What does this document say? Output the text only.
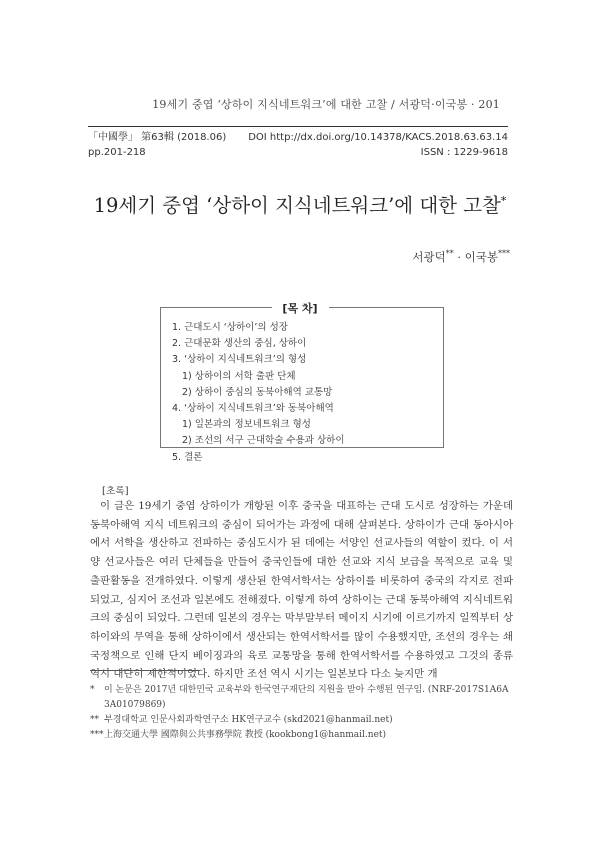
19세기 중엽 ‘상하이 지식네트워크’에 대한 고찰 / 서광덕·이국봉 · 201
「中國學」 第63輯 (2018.06) DOI http://dx.doi.org/10.14378/KACS.2018.63.63.14
pp.201-218	ISSN : 1229-9618
19세기 중엽 ‘상하이 지식네트워크’에 대한 고찰*
서광덕** · 이국봉***
[목 차]
1. 근대도시 ‘상하이’의 성장
2. 근대문화 생산의 중심, 상하이
3. ‘상하이 지식네트워크’의 형성
1) 상하이의 서학 출판 단체
2) 상하이 중심의 동북아해역 교통망
4. ‘상하이 지식네트워크’와 동북아해역
1) 일본과의 정보네트워크 형성
2) 조선의 서구 근대학술 수용과 상하이
5. 결론
[초록]

이 글은 19세기 중엽 상하이가 개항된 이후 중국을 대표하는 근대 도시로 성장하는 가운데 동북아해역 지식 네트워크의 중심이 되어가는 과정에 대해 살펴본다. 상하이가 근대 동아시아에서 서학을 생산하고 전파하는 중심도시가 된 데에는 서양인 선교사들의 역할이 컸다. 이 서양 선교사들은 여러 단체들을 만들어 중국인들에 대한 선교와 지식 보급을 목적으로 교육 및 출판활동을 전개하였다. 이렇게 생산된 한역서학서는 상하이를 비롯하여 중국의 각지로 전파되었고, 심지어 조선과 일본에도 전해졌다. 이렇게 하여 상하이는 근대 동북아해역 지식네트워크의 중심이 되었다. 그런데 일본의 경우는 막부말부터 메이지 시기에 이르기까지 일찍부터 상하이와의 무역을 통해 상하이에서 생산되는 한역서학서를 많이 수용했지만, 조선의 경우는 쇄국정책으로 인해 단지 베이징과의 육로 교통망을 통해 한역서학서를 수용하였고 그것의 종류 역시 대단히 제한적이었다. 하지만 조선 역시 시기는 일본보다 다소 늦지만 개

*	이 논문은 2017년 대한민국 교육부와 한국연구재단의 지원을 받아 수행된 연구임. (NRF-2017S1A6A
3A01079869)
** 부경대학교 인문사회과학연구소 HK연구교수 (skd2021@hanmail.net)
*** 上海交通大學 國際與公共事務學院 教授 (kookbong1@hanmail.net)
